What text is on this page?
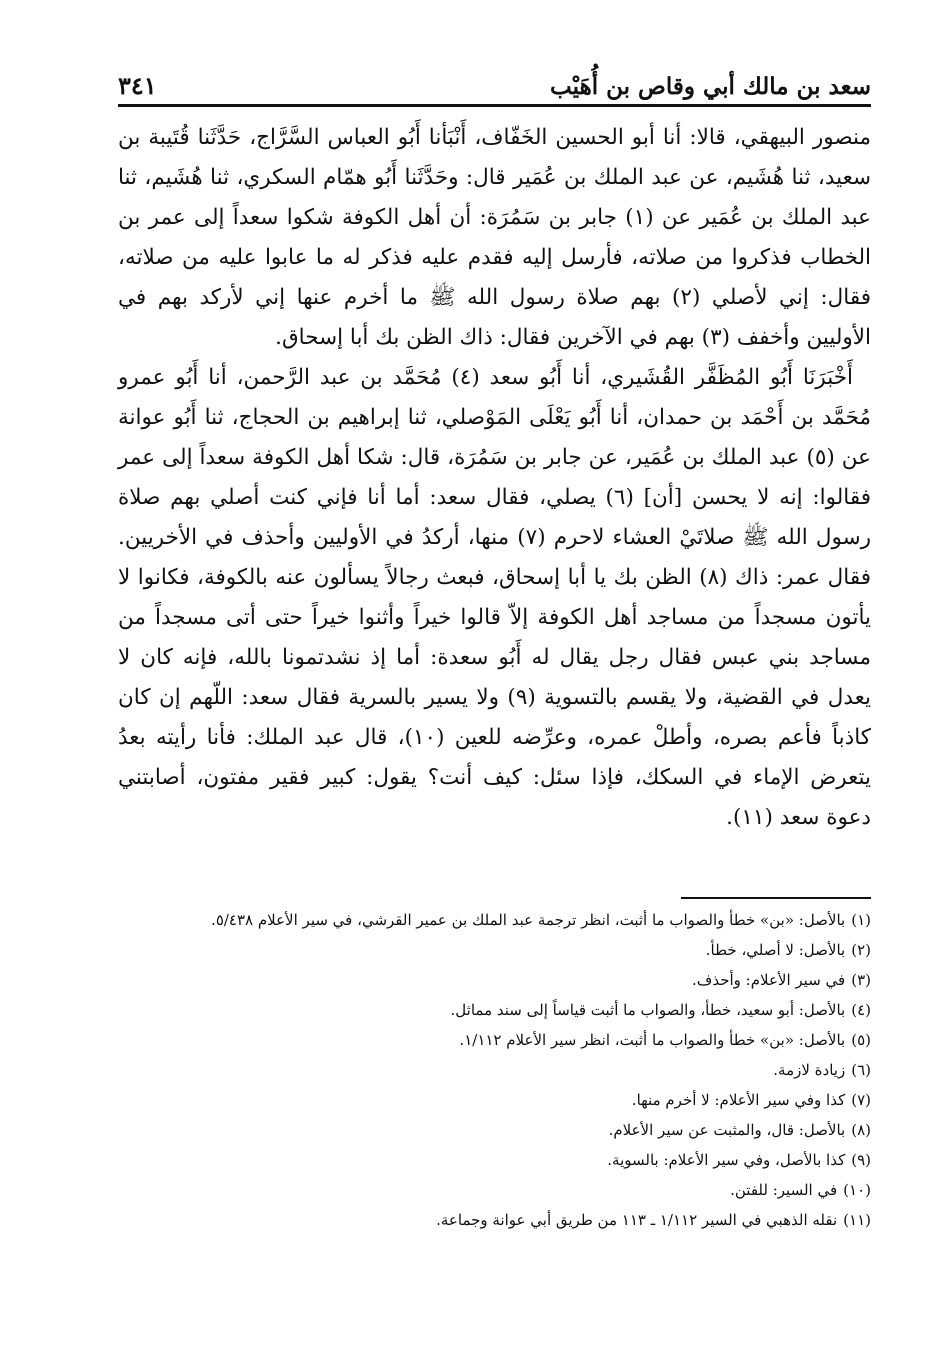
سعد بن مالك أبي وقاص بن أُهَيْب
٣٤١

منصور البيهقي، قالا: أنا أبو الحسين الخَفّاف، أَنْبَأنا أَبُو العباس السَّرَّاج، حَدَّثَنا قُتَيبة بن سعيد، ثنا هُشَيم، عن عبد الملك بن عُمَير قال: وحَدَّثَنا أَبُو همّام السكري، ثنا هُشَيم، ثنا عبد الملك بن عُمَير عن (١) جابر بن سَمُرَة: أن أهل الكوفة شكوا سعداً إلى عمر بن الخطاب فذكروا من صلاته، فأرسل إليه فقدم عليه فذكر له ما عابوا عليه من صلاته، فقال: إني لأصلي (٢) بهم صلاة رسول الله ﷺ ما أخرم عنها إني لأركد بهم في الأوليين وأخفف (٣) بهم في الآخرين فقال: ذاك الظن بك أبا إسحاق.

أَخْبَرَنَا أَبُو المُظَفَّر القُشَيري، أنا أَبُو سعد (٤) مُحَمَّد بن عبد الرَّحمن، أنا أَبُو عمرو مُحَمَّد بن أَحْمَد بن حمدان، أنا أَبُو يَعْلَى المَوْصلي، ثنا إبراهيم بن الحجاج، ثنا أَبُو عوانة عن (٥) عبد الملك بن عُمَير، عن جابر بن سَمُرَة، قال: شكا أهل الكوفة سعداً إلى عمر فقالوا: إنه لا يحسن [أن] (٦) يصلي، فقال سعد: أما أنا فإني كنت أصلي بهم صلاة رسول الله ﷺ صلاتَيْ العشاء لاحرم (٧) منها، أركدُ في الأوليين وأحذف في الأخريين. فقال عمر: ذاك (٨) الظن بك يا أبا إسحاق، فبعث رجالاً يسألون عنه بالكوفة، فكانوا لا يأتون مسجداً من مساجد أهل الكوفة إلاّ قالوا خيراً وأثنوا خيراً حتى أتى مسجداً من مساجد بني عبس فقال رجل يقال له أَبُو سعدة: أما إذ نشدتمونا بالله، فإنه كان لا يعدل في القضية، ولا يقسم بالتسوية (٩) ولا يسير بالسرية فقال سعد: اللّهم إن كان كاذباً فأعم بصره، وأطلْ عمره، وعرِّضه للعين (١٠)، قال عبد الملك: فأنا رأيته بعدُ يتعرض الإماء في السكك، فإذا سئل: كيف أنت؟ يقول: كبير فقير مفتون، أصابتني دعوة سعد (١١).

(١)
بالأصل: «بن» خطأ والصواب ما أثبت، انظر ترجمة عبد الملك بن عمير القرشي، في سير الأعلام ٥/٤٣٨.
(٢)
بالأصل: لا أصلي، خطأ.
(٣)
في سير الأعلام: وأحذف.
(٤)
بالأصل: أبو سعيد، خطأ، والصواب ما أثبت قياساً إلى سند مماثل.
(٥)
بالأصل: «بن» خطأ والصواب ما أثبت، انظر سير الأعلام ١/١١٢.
(٦)
زيادة لازمة.
(٧)
كذا وفي سير الأعلام: لا أخرم منها.
(٨)
بالأصل: قال، والمثبت عن سير الأعلام.
(٩)
كذا بالأصل، وفي سير الأعلام: بالسوية.
(١٠)
في السير: للفتن.
(١١)
نقله الذهبي في السير ١/١١٢ ـ ١١٣ من طريق أبي عوانة وجماعة.
